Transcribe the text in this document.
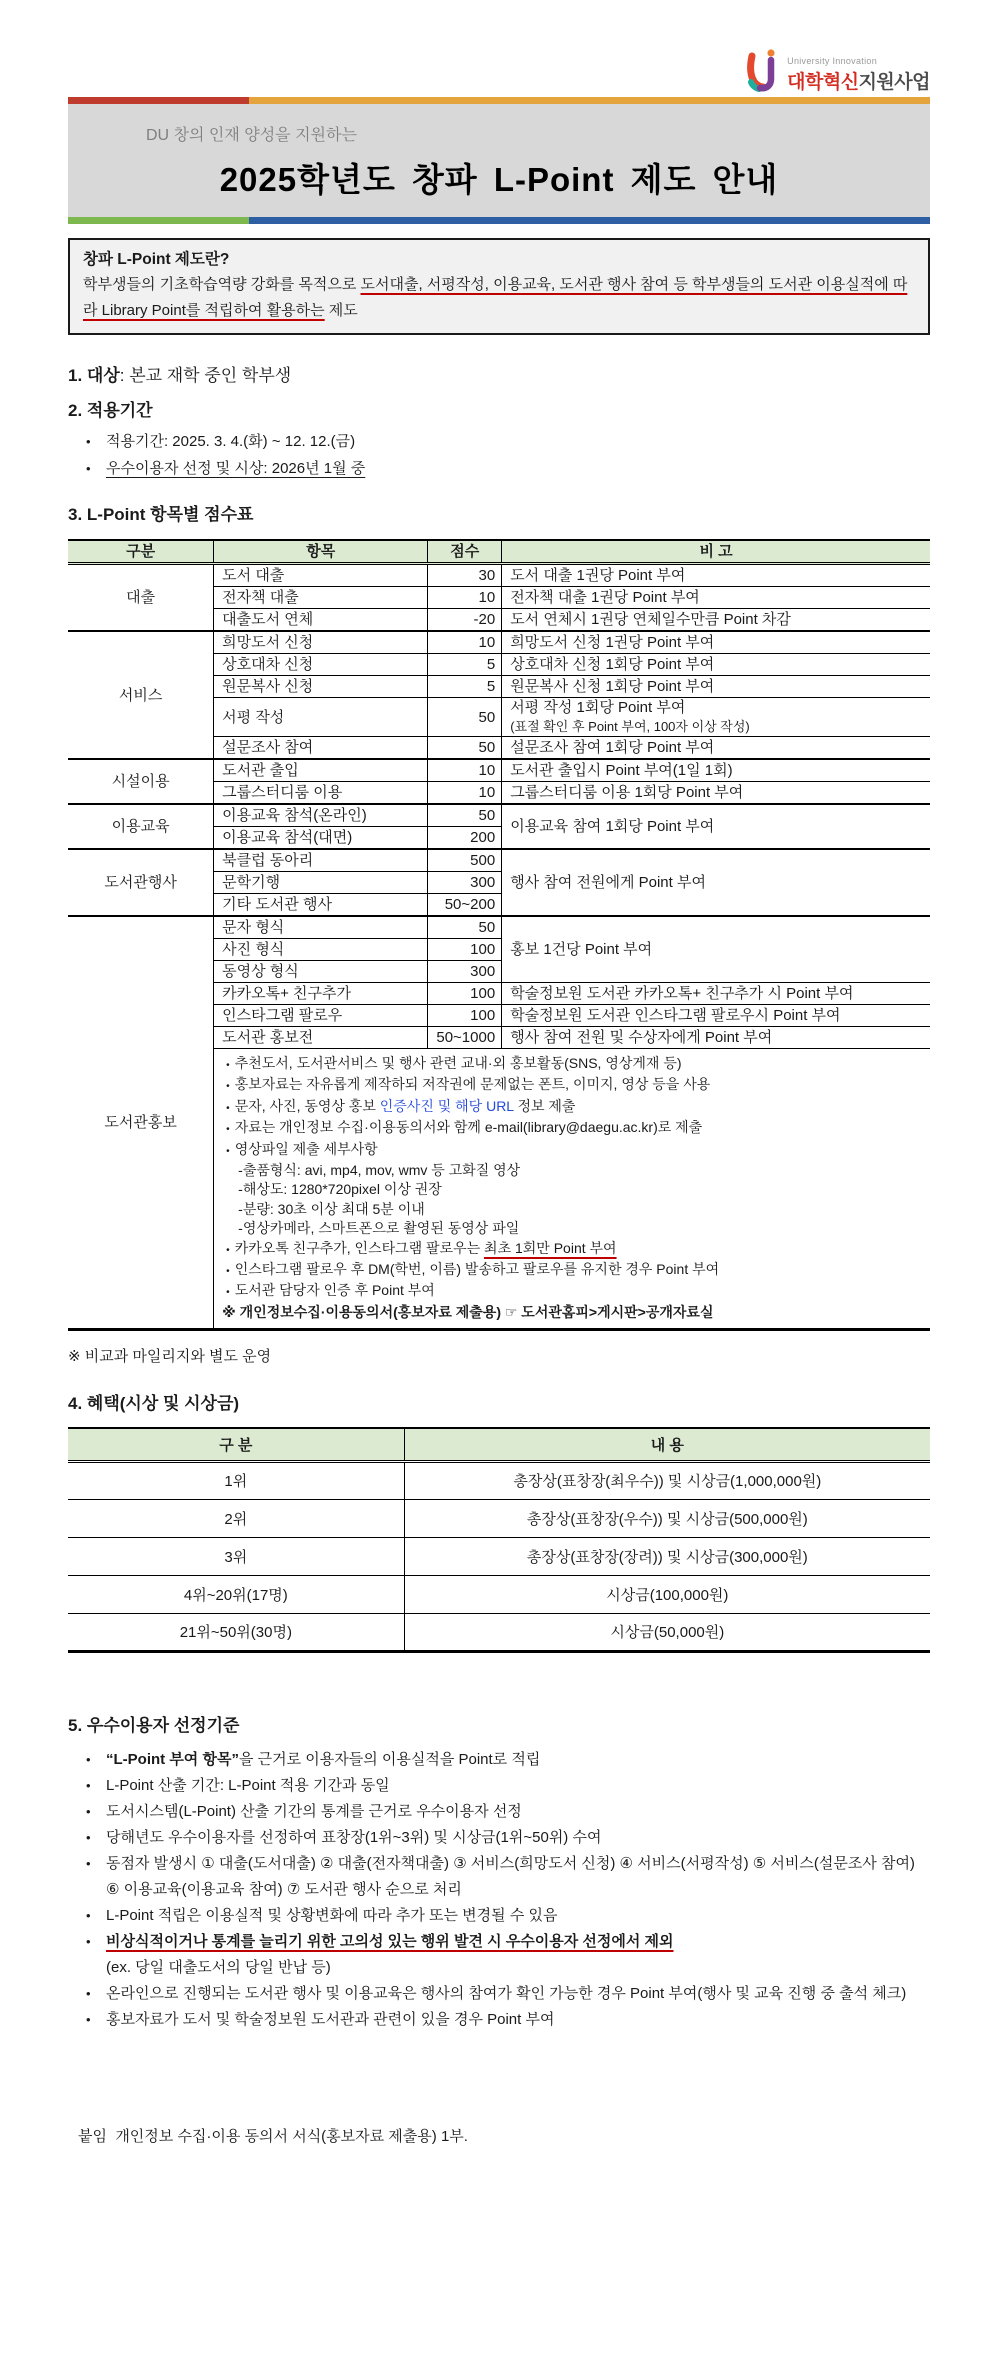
University Innovation
대학혁신지원사업
DU 창의 인재 양성을 지원하는
2025학년도 창파 L-Point 제도 안내
창파 L-Point 제도란?
학부생들의 기초학습역량 강화를 목적으로 도서대출, 서평작성, 이용교육, 도서관 행사 참여 등 학부생들의 도서관 이용실적에 따라 Library Point를 적립하여 활용하는 제도
1. 대상: 본교 재학 중인 학부생
2. 적용기간
• 적용기간: 2025. 3. 4.(화) ~ 12. 12.(금)
• 우수이용자 선정 및 시상: 2026년 1월 중
3. L-Point 항목별 점수표
구분	항목	점수	비 고
대출	도서 대출	30	도서 대출 1권당 Point 부여
	전자책 대출	10	전자책 대출 1권당 Point 부여
	대출도서 연체	-20	도서 연체시 1권당 연체일수만큼 Point 차감
서비스	희망도서 신청	10	희망도서 신청 1권당 Point 부여
	상호대차 신청	5	상호대차 신청 1회당 Point 부여
	원문복사 신청	5	원문복사 신청 1회당 Point 부여
	서평 작성	50	서평 작성 1회당 Point 부여
(표절 확인 후 Point 부여, 100자 이상 작성)

	설문조사 참여	50	설문조사 참여 1회당 Point 부여
시설이용	도서관 출입	10	도서관 출입시 Point 부여(1일 1회)
	그룹스터디룸 이용	10	그룹스터디룸 이용 1회당 Point 부여
이용교육	이용교육 참석(온라인)	50	이용교육 참여 1회당 Point 부여
	이용교육 참석(대면)	200	
도서관행사	북클럽 동아리	500	행사 참여 전원에게 Point 부여
	문학기행	300	
	기타 도서관 행사	50~200	
도서관홍보	문자 형식	50	홍보 1건당 Point 부여
	사진 형식	100	
	동영상 형식	300	
	카카오톡+ 친구추가	100	학술정보원 도서관 카카오톡+ 친구추가 시 Point 부여
	인스타그램 팔로우	100	학술정보원 도서관 인스타그램 팔로우시 Point 부여
	도서관 홍보전	50~1000	행사 참여 전원 및 수상자에게 Point 부여

• 추천도서, 도서관서비스 및 행사 관련 교내·외 홍보활동(SNS, 영상게재 등)
• 홍보자료는 자유롭게 제작하되 저작권에 문제없는 폰트, 이미지, 영상 등을 사용
• 문자, 사진, 동영상 홍보 인증사진 및 해당 URL 정보 제출
• 자료는 개인정보 수집·이용동의서와 함께 e-mail(library@daegu.ac.kr)로 제출
• 영상파일 제출 세부사항
-출품형식: avi, mp4, mov, wmv 등 고화질 영상
-해상도: 1280*720pixel 이상 권장
-분량: 30초 이상 최대 5분 이내
-영상카메라, 스마트폰으로 촬영된 동영상 파일
• 카카오톡 친구추가, 인스타그램 팔로우는 최초 1회만 Point 부여
• 인스타그램 팔로우 후 DM(학번, 이름) 발송하고 팔로우를 유지한 경우 Point 부여
• 도서관 담당자 인증 후 Point 부여
※ 개인정보수집·이용동의서(홍보자료 제출용) ☞ 도서관홈피>게시판>공개자료실
※ 비교과 마일리지와 별도 운영
4. 혜택(시상 및 시상금)
구 분	내 용
1위	총장상(표창장(최우수)) 및 시상금(1,000,000원)
2위	총장상(표창장(우수)) 및 시상금(500,000원)
3위	총장상(표창장(장려)) 및 시상금(300,000원)
4위~20위(17명)	시상금(100,000원)
21위~50위(30명)	시상금(50,000원)
5. 우수이용자 선정기준
• “L-Point 부여 항목”을 근거로 이용자들의 이용실적을 Point로 적립
• L-Point 산출 기간: L-Point 적용 기간과 동일
• 도서시스템(L-Point) 산출 기간의 통계를 근거로 우수이용자 선정
• 당해년도 우수이용자를 선정하여 표창장(1위~3위) 및 시상금(1위~50위) 수여
• 동점자 발생시 ① 대출(도서대출) ② 대출(전자책대출) ③ 서비스(희망도서 신청) ④ 서비스(서평작성) ⑤ 서비스(설문조사 참여) ⑥ 이용교육(이용교육 참여) ⑦ 도서관 행사 순으로 처리
• L-Point 적립은 이용실적 및 상황변화에 따라 추가 또는 변경될 수 있음
• 비상식적이거나 통계를 늘리기 위한 고의성 있는 행위 발견 시 우수이용자 선정에서 제외
(ex. 당일 대출도서의 당일 반납 등)
• 온라인으로 진행되는 도서관 행사 및 이용교육은 행사의 참여가 확인 가능한 경우 Point 부여(행사 및 교육 진행 중 출석 체크)
• 홍보자료가 도서 및 학술정보원 도서관과 관련이 있을 경우 Point 부여
붙임  개인정보 수집·이용 동의서 서식(홍보자료 제출용) 1부.
